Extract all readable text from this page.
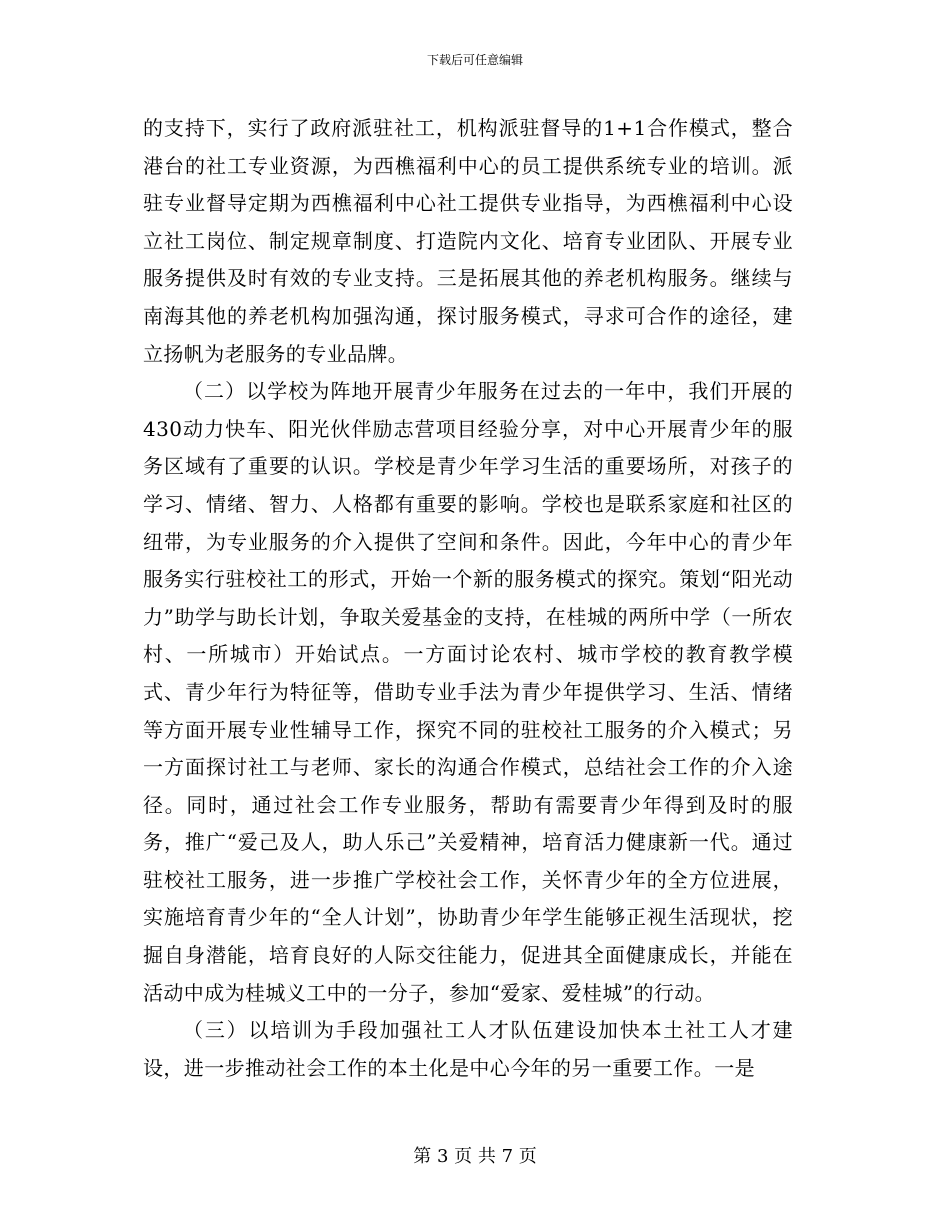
下载后可任意编辑

的支持下，实行了政府派驻社工，机构派驻督导的1+1合作模式，整合港台的社工专业资源，为西樵福利中心的员工提供系统专业的培训。派驻专业督导定期为西樵福利中心社工提供专业指导，为西樵福利中心设立社工岗位、制定规章制度、打造院内文化、培育专业团队、开展专业服务提供及时有效的专业支持。三是拓展其他的养老机构服务。继续与南海其他的养老机构加强沟通，探讨服务模式，寻求可合作的途径，建立扬帆为老服务的专业品牌。

（二）以学校为阵地开展青少年服务在过去的一年中，我们开展的430动力快车、阳光伙伴励志营项目经验分享，对中心开展青少年的服务区域有了重要的认识。学校是青少年学习生活的重要场所，对孩子的学习、情绪、智力、人格都有重要的影响。学校也是联系家庭和社区的纽带，为专业服务的介入提供了空间和条件。因此，今年中心的青少年服务实行驻校社工的形式，开始一个新的服务模式的探究。策划“阳光动力”助学与助长计划，争取关爱基金的支持，在桂城的两所中学（一所农村、一所城市）开始试点。一方面讨论农村、城市学校的教育教学模式、青少年行为特征等，借助专业手法为青少年提供学习、生活、情绪等方面开展专业性辅导工作，探究不同的驻校社工服务的介入模式；另一方面探讨社工与老师、家长的沟通合作模式，总结社会工作的介入途径。同时，通过社会工作专业服务，帮助有需要青少年得到及时的服务，推广“爱己及人，助人乐己”关爱精神，培育活力健康新一代。通过驻校社工服务，进一步推广学校社会工作，关怀青少年的全方位进展，实施培育青少年的“全人计划”，协助青少年学生能够正视生活现状，挖掘自身潜能，培育良好的人际交往能力，促进其全面健康成长，并能在活动中成为桂城义工中的一分子，参加“爱家、爱桂城”的行动。

（三）以培训为手段加强社工人才队伍建设加快本土社工人才建设，进一步推动社会工作的本土化是中心今年的另一重要工作。一是

第 3 页 共 7 页
